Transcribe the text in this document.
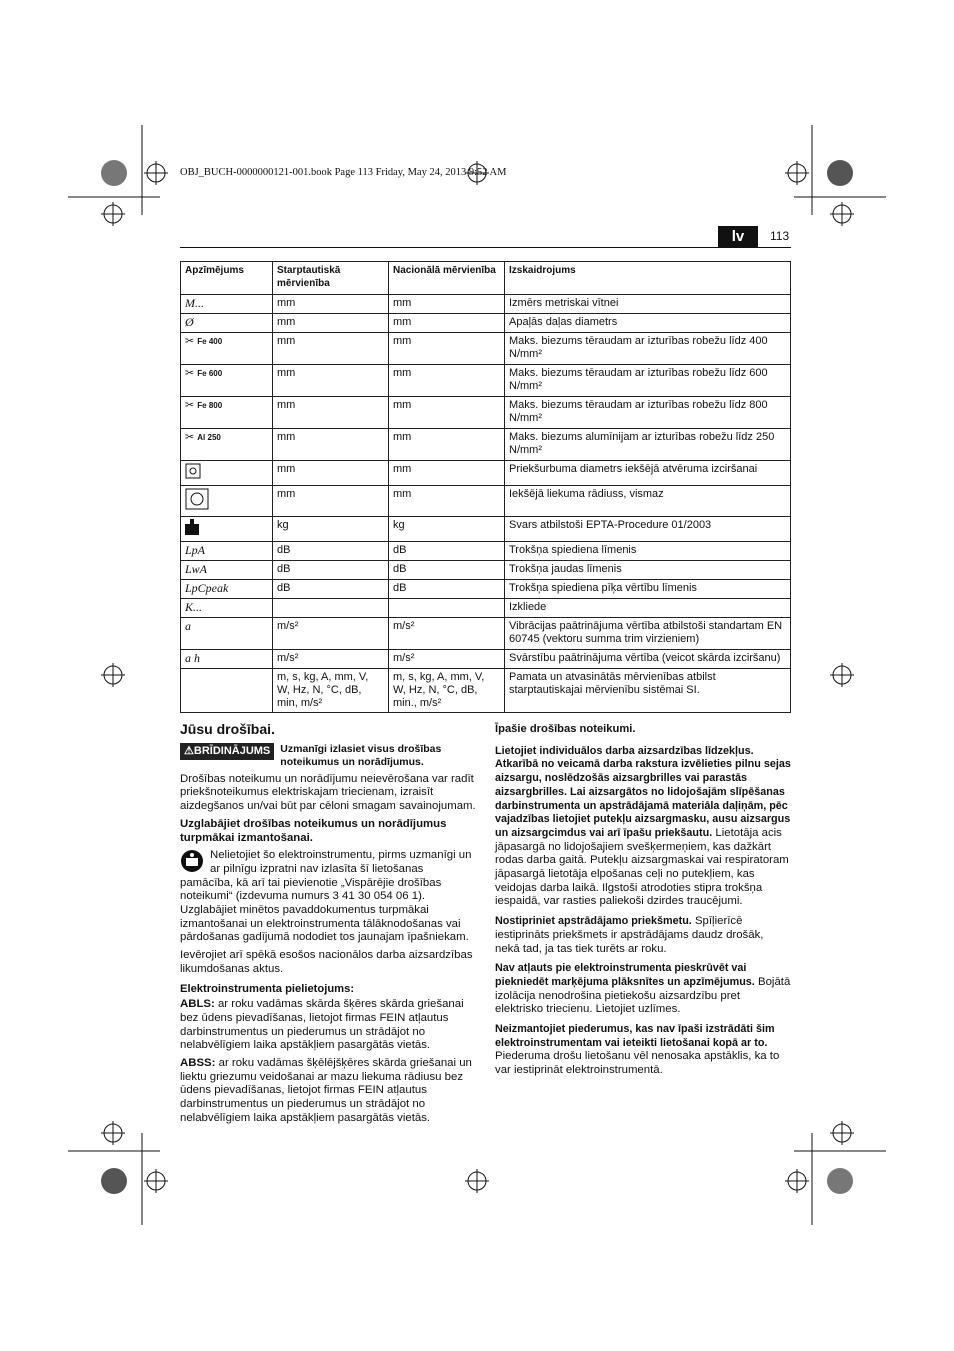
OBJ_BUCH-0000000121-001.book Page 113 Friday, May 24, 2013 9:52 AM
lv	113
Apzīmējums	Starptautiskā mērvienība	Nacionālā mērvienība	Izskaidrojums
M...	mm	mm	Izmērs metriskai vītnei
Ø	mm	mm	Apaļās daļas diametrs
✂ Fe 400	mm	mm	Maks. biezums tēraudam ar izturības robežu līdz 400 N/mm²
✂ Fe 600	mm	mm	Maks. biezums tēraudam ar izturības robežu līdz 600 N/mm²
✂ Fe 800	mm	mm	Maks. biezums tēraudam ar izturības robežu līdz 800 N/mm²
✂ Al 250	mm	mm	Maks. biezums alumīnijam ar izturības robežu līdz 250 N/mm²
	mm	mm	Priekšurbuma diametrs iekšējā atvēruma izciršanai
	mm	mm	Iekšējā liekuma rādiuss, vismaz
	kg	kg	Svars atbilstoši EPTA-Procedure 01/2003
LpA	dB	dB	Trokšņa spiediena līmenis
LwA	dB	dB	Trokšņa jaudas līmenis
LpCpeak	dB	dB	Trokšņa spiediena pīķa vērtību līmenis
K...			Izkliede
a	m/s²	m/s²	Vibrācijas paātrinājuma vērtība atbilstoši standartam EN 60745 (vektoru summa trim virzieniem)
a h	m/s²	m/s²	Svārstību paātrinājuma vērtība (veicot skārda izciršanu)
	m, s, kg, A, mm, V, W, Hz, N, °C, dB, min, m/s²	m, s, kg, A, mm, V, W, Hz, N, °C, dB, min., m/s²	Pamata un atvasinātās mērvienības atbilst starptautiskajai mērvienību sistēmai SI.
Jūsu drošībai.
⚠BRĪDINĀJUMS Uzmanīgi izlasiet visus drošības noteikumus un norādījumus.

Drošības noteikumu un norādījumu neievērošana var radīt priekšnoteikumus elektriskajam triecienam, izraisīt aizdegšanos un/vai būt par cēloni smagam savainojumam.

Uzglabājiet drošības noteikumus un norādījumus turpmākai izmantošanai.

Nelietojiet šo elektroinstrumentu, pirms uzmanīgi un ar pilnīgu izpratni nav izlasīta šī lietošanas pamācība, kā arī tai pievienotie „Vispārējie drošības noteikumi“ (izdevuma numurs 3 41 30 054 06 1). Uzglabājiet minētos pavaddokumentus turpmākai izmantošanai un elektroinstrumenta tālāknodošanas vai pārdošanas gadījumā nododiet tos jaunajam īpašniekam.

Ievērojiet arī spēkā esošos nacionālos darba aizsardzības likumdošanas aktus.

Elektroinstrumenta pielietojums:

ABLS: ar roku vadāmas skārda šķēres skārda griešanai bez ūdens pievadīšanas, lietojot firmas FEIN atļautus darbinstrumentus un piederumus un strādājot no nelabvēlīgiem laika apstākļiem pasargātās vietās.

ABSS: ar roku vadāmas šķēlējšķēres skārda griešanai un liektu griezumu veidošanai ar mazu liekuma rādiusu bez ūdens pievadīšanas, lietojot firmas FEIN atļautus darbinstrumentus un piederumus un strādājot no nelabvēlīgiem laika apstākļiem pasargātās vietās.

Īpašie drošības noteikumi.

Lietojiet individuālos darba aizsardzības līdzekļus. Atkarībā no veicamā darba rakstura izvēlieties pilnu sejas aizsargu, noslēdzošās aizsargbrilles vai parastās aizsargbrilles. Lai aizsargātos no lidojošajām slīpēšanas darbinstrumenta un apstrādājamā materiāla daļiņām, pēc vajadzības lietojiet putekļu aizsargmasku, ausu aizsargus un aizsargcimdus vai arī īpašu priekšautu. Lietotāja acis jāpasargā no lidojošajiem svešķermeņiem, kas dažkārt rodas darba gaitā. Putekļu aizsargmaskai vai respiratoram jāpasargā lietotāja elpošanas ceļi no putekļiem, kas veidojas darba laikā. Ilgstoši atrodoties stipra trokšņa iespaidā, var rasties paliekoši dzirdes traucējumi.

Nostipriniet apstrādājamo priekšmetu. Spīļierīcē iestiprināts priekšmets ir apstrādājams daudz drošāk, nekā tad, ja tas tiek turēts ar roku.

Nav atļauts pie elektroinstrumenta pieskrūvēt vai piekniedēt marķējuma plāksnītes un apzīmējumus. Bojātā izolācija nenodrošina pietiekošu aizsardzību pret elektrisko triecienu. Lietojiet uzlīmes.

Neizmantojiet piederumus, kas nav īpaši izstrādāti šim elektroinstrumentam vai ieteikti lietošanai kopā ar to. Piederuma drošu lietošanu vēl nenosaka apstāklis, ka to var iestiprināt elektroinstrumentā.
